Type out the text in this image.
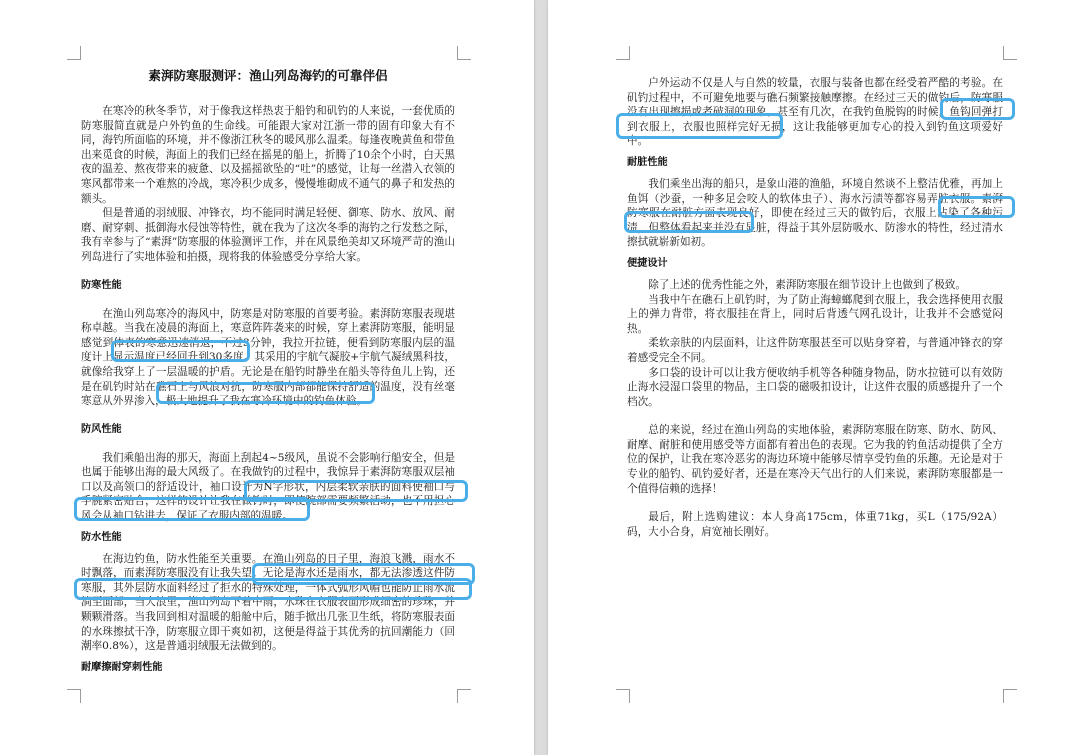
素湃防寒服测评：渔山列岛海钓的可靠伴侣

在寒冷的秋冬季节，对于像我这样热衷于船钓和矶钓的人来说，一套优质的防寒服简直就是户外钓鱼的生命线。可能跟大家对江浙一带的固有印象大有不同，海钓所面临的环境，并不像浙江秋冬的暖风那么温柔。每逢夜晚黄鱼和带鱼出来觅食的时候，海面上的我们已经在摇晃的船上，折腾了10余个小时，白天黑夜的温差、熬夜带来的疲惫、以及摇摇欲坠的“吐”的感觉，让每一丝潜入衣领的寒风都带来一个难熬的冷战，寒冷积少成多，慢慢堆砌成不通气的鼻子和发热的额头。

但是普通的羽绒服、冲锋衣，均不能同时满足轻便、御寒、防水、放风、耐磨、耐穿刺、抵御海水侵蚀等特性，就在我为了这次冬季的海钓之行发愁之际，我有幸参与了“素湃”防寒服的体验测评工作，并在风景绝美却又环境严苛的渔山列岛进行了实地体验和拍摄，现将我的体验感受分享给大家。

防寒性能

在渔山列岛寒冷的海风中，防寒是对防寒服的首要考验。素湃防寒服表现堪称卓越。当我在凌晨的海面上，寒意阵阵袭来的时候，穿上素湃防寒服，能明显感觉到体表的寒意迅速消退，不过3分钟，我拉开拉链，便看到防寒服内层的温度计上显示温度已经回升到30多度。其采用的宇航气凝胶+宇航气凝绒黑科技，就像给我穿上了一层温暖的护盾。无论是在船钓时静坐在船头等待鱼儿上钩，还是在矶钓时站在礁石上与风浪对抗，防寒服内部都能保持舒适的温度，没有丝毫寒意从外界渗入，极大地提升了我在寒冷环境中的钓鱼体验。

防风性能

我们乘船出海的那天，海面上刮起4~5级风，虽说不会影响行船安全，但是也属于能够出海的最大风级了。在我做钓的过程中，我惊异于素湃防寒服双层袖口以及高领口的舒适设计，袖口设计为N字形状，内层柔软亲肤的面料使袖口与手腕紧密贴合，这样的设计让我在做钓时，即使腕部需要频繁活动，也不用担心风会从袖口钻进去，保证了衣服内部的温暖。

防水性能

在海边钓鱼，防水性能至关重要。在渔山列岛的日子里，海浪飞溅，雨水不时飘落，而素湃防寒服没有让我失望。无论是海水还是雨水，都无法渗透这件防寒服，其外层防水面料经过了拒水的特殊处理，一体式弧形风帽也能防止雨水流淌至面部，当大浪里，渔山列岛下着中雨，水珠在衣服表面形成细密的珍珠，并颗颗滑落。当我回到相对温暖的船舱中后，随手掀出几张卫生纸，将防寒服表面的水珠擦拭干净，防寒服立即干爽如初，这便是得益于其优秀的抗回潮能力（回潮率0.8%），这是普通羽绒服无法做到的。

耐摩擦耐穿刺性能

户外运动不仅是人与自然的较量，衣服与装备也都在经受着严酷的考验。在矶钓过程中，不可避免地要与礁石频繁接触摩擦。在经过三天的做钓后，防寒服没有出现擦损或者破洞的现象。甚至有几次，在我钓鱼脱钩的时候，鱼钩回弹打到衣服上，衣服也照样完好无损，这让我能够更加专心的投入到钓鱼这项爱好中。

耐脏性能

我们乘坐出海的船只，是象山港的渔船，环境自然谈不上整洁优雅，再加上鱼饵（沙蚕，一种多足会咬人的软体虫子）、海水污渍等都容易弄脏衣服。素湃防寒服在耐脏方面表现良好，即使在经过三天的做钓后，衣服上沾染了各种污渍，但整体看起来并没有显脏，得益于其外层防吸水、防渗水的特性，经过清水擦拭就崭新如初。

便捷设计

除了上述的优秀性能之外，素湃防寒服在细节设计上也做到了极致。

当我中午在礁石上矶钓时，为了防止海蟑螂爬到衣服上，我会选择使用衣服上的弹力背带，将衣服挂在背上，同时后背透气网孔设计，让我并不会感觉闷热。

柔软亲肤的内层面料，让这件防寒服甚至可以贴身穿着，与普通冲锋衣的穿着感受完全不同。

多口袋的设计可以让我方便收纳手机等各种随身物品，防水拉链可以有效防止海水浸湿口袋里的物品，主口袋的磁吸扣设计，让这件衣服的质感提升了一个档次。

总的来说，经过在渔山列岛的实地体验，素湃防寒服在防寒、防水、防风、耐摩、耐脏和使用感受等方面都有着出色的表现。它为我的钓鱼活动提供了全方位的保护，让我在寒冷恶劣的海边环境中能够尽情享受钓鱼的乐趣。无论是对于专业的船钓、矶钓爱好者，还是在寒冷天气出行的人们来说，素湃防寒服都是一个值得信赖的选择！

最后，附上选购建议：本人身高175cm，体重71kg，买L（175/92A）码，大小合身，肩宽袖长刚好。
